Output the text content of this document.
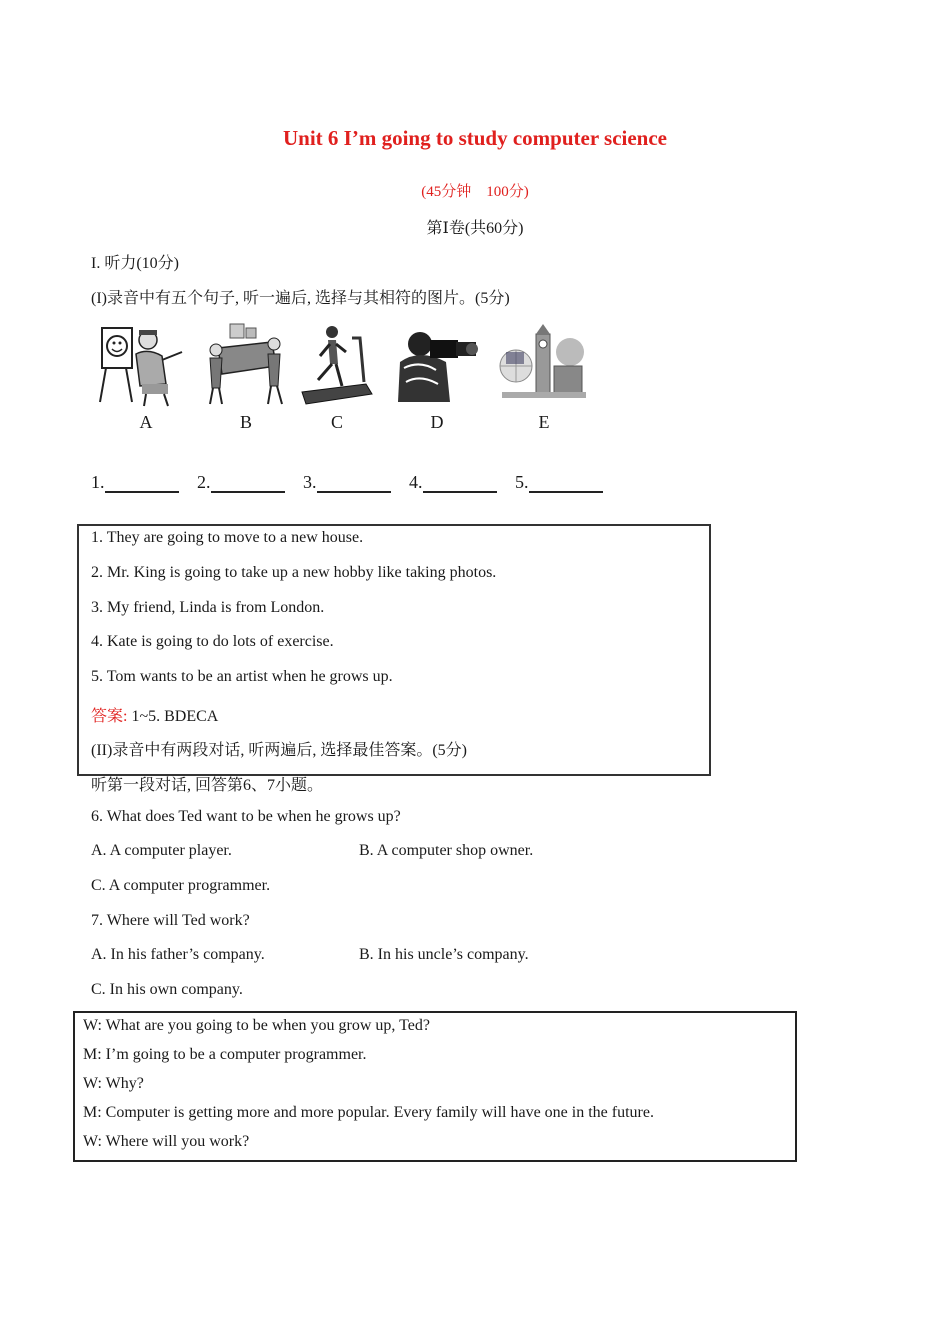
Unit 6 I’m going to study computer science
(45分钟　100分)
第Ⅰ卷(共60分)
I. 听力(10分)
(I)录音中有五个句子, 听一遍后, 选择与其相符的图片。(5分)
A	B	C	D	E
1.	2.	3.	4.	5.
1. They are going to move to a new house.
2. Mr. King is going to take up a new hobby like taking photos.
3. My friend, Linda is from London.
4. Kate is going to do lots of exercise.
5. Tom wants to be an artist when he grows up.
答案: 1~5. BDECA
(II)录音中有两段对话, 听两遍后, 选择最佳答案。(5分)
听第一段对话, 回答第6、7小题。
6. What does Ted want to be when he grows up?
A. A computer player.	B. A computer shop owner.
C. A computer programmer.
7. Where will Ted work?
A. In his father’s company.	B. In his uncle’s company.
C. In his own company.
W: What are you going to be when you grow up, Ted?
M: I’m going to be a computer programmer.
W: Why?
M: Computer is getting more and more popular. Every family will have one in the future.
W: Where will you work?
